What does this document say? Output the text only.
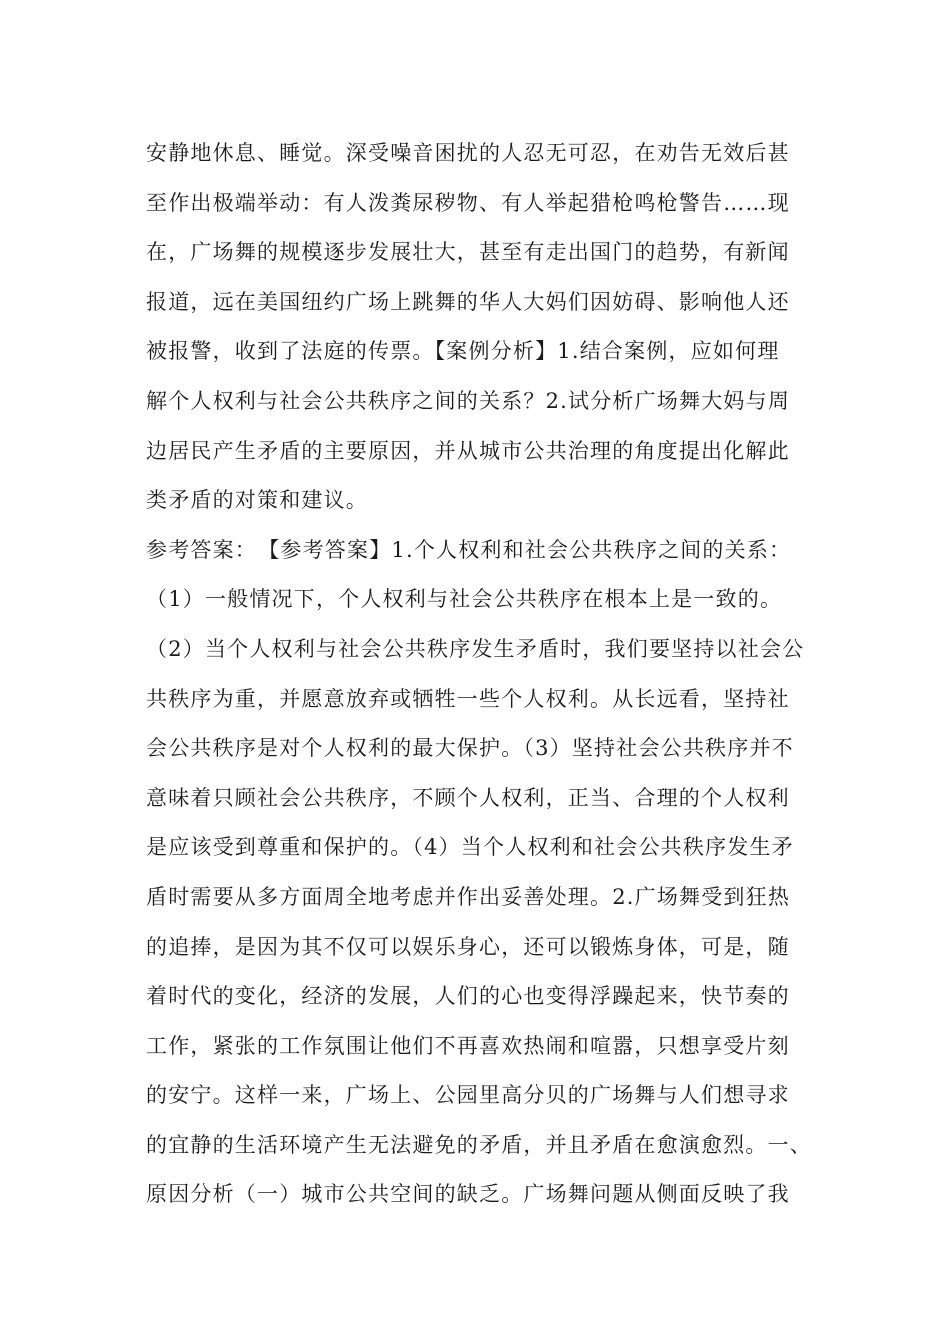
安静地休息、睡觉。深受噪音困扰的人忍无可忍，在劝告无效后甚
至作出极端举动：有人泼粪尿秽物、有人举起猎枪鸣枪警告……现
在，广场舞的规模逐步发展壮大，甚至有走出国门的趋势，有新闻
报道，远在美国纽约广场上跳舞的华人大妈们因妨碍、影响他人还
被报警，收到了法庭的传票。【案例分析】1.结合案例，应如何理
解个人权利与社会公共秩序之间的关系？2.试分析广场舞大妈与周
边居民产生矛盾的主要原因，并从城市公共治理的角度提出化解此
类矛盾的对策和建议。
参考答案：　【参考答案】1.个人权利和社会公共秩序之间的关系：
（1）一般情况下，个人权利与社会公共秩序在根本上是一致的。
（2）当个人权利与社会公共秩序发生矛盾时，我们要坚持以社会公
共秩序为重，并愿意放弃或牺牲一些个人权利。从长远看，坚持社
会公共秩序是对个人权利的最大保护。（3）坚持社会公共秩序并不
意味着只顾社会公共秩序，不顾个人权利，正当、合理的个人权利
是应该受到尊重和保护的。（4）当个人权利和社会公共秩序发生矛
盾时需要从多方面周全地考虑并作出妥善处理。2.广场舞受到狂热
的追捧，是因为其不仅可以娱乐身心，还可以锻炼身体，可是，随
着时代的变化，经济的发展，人们的心也变得浮躁起来，快节奏的
工作，紧张的工作氛围让他们不再喜欢热闹和喧嚣，只想享受片刻
的安宁。这样一来，广场上、公园里高分贝的广场舞与人们想寻求
的宜静的生活环境产生无法避免的矛盾，并且矛盾在愈演愈烈。一、
原因分析（一）城市公共空间的缺乏。广场舞问题从侧面反映了我
